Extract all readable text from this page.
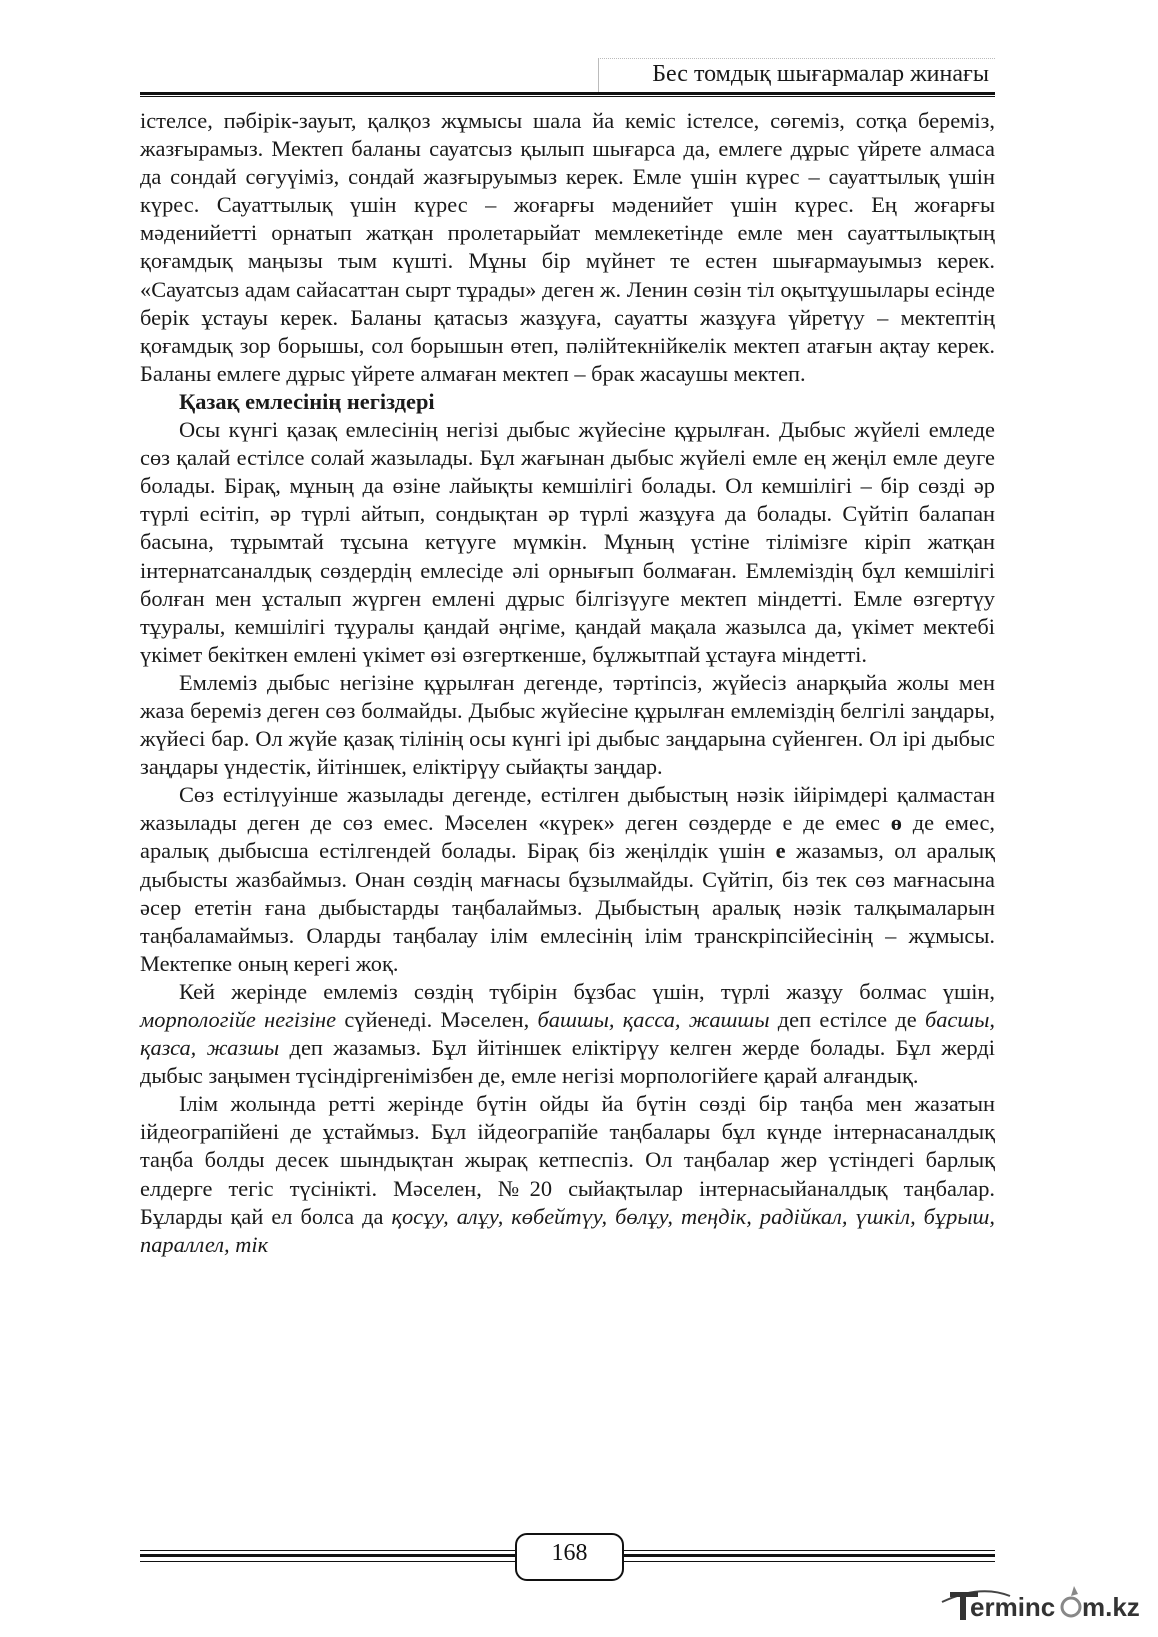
Бес томдық шығармалар жинағы

істелсе, пәбірік-зауыт, қалқоз жұмысы шала йа кеміс істелсе, сөгеміз, сотқа береміз, жазғырамыз. Мектеп баланы сауатсыз қылып шығарса да, емлеге дұрыс үйрете алмаса да сондай сөгуүіміз, сондай жазғыруымыз керек. Емле үшін күрес – сауаттылық үшін күрес. Сауаттылық үшін күрес – жоғарғы мәденийет үшін күрес. Ең жоғарғы мәденийетті орнатып жатқан пролетарыйат мемлекетінде емле мен сауаттылықтың қоғамдық маңызы тым күшті. Мұны бір мүйнет те естен шығармауымыз керек. «Сауатсыз адам сайасаттан сырт тұрады» деген ж. Ленин сөзін тіл оқытұушылары есінде берік ұстауы керек. Баланы қатасыз жазұуға, сауатты жазұуға үйретүу – мектептің қоғамдық зор борышы, сол борышын өтеп, пәлійтекнійкелік мектеп атағын ақтау керек. Баланы емлеге дұрыс үйрете алмаған мектеп – брак жасаушы мектеп.

Қазақ емлесінің негіздері

Осы күнгі қазақ емлесінің негізі дыбыс жүйесіне құрылған. Дыбыс жүйелі емледе сөз қалай естілсе солай жазылады. Бұл жағынан дыбыс жүйелі емле ең жеңіл емле деуге болады. Бірақ, мұның да өзіне лайықты кемшілігі болады. Ол кемшілігі – бір сөзді әр түрлі есітіп, әр түрлі айтып, сондықтан әр түрлі жазұуға да болады. Сүйтіп балапан басына, тұрымтай тұсына кетүуге мүмкін. Мұның үстіне тілімізге кіріп жатқан інтернатсаналдық сөздердің емлесіде әлі орнығып болмаған. Емлеміздің бұл кемшілігі болған мен ұсталып жүрген емлені дұрыс білгізүуге мектеп міндетті. Емле өзгертүу тұуралы, кемшілігі тұуралы қандай әңгіме, қандай мақала жазылса да, үкімет мектебі үкімет бекіткен емлені үкімет өзі өзгерткенше, бұлжытпай ұстауға міндетті.

Емлеміз дыбыс негізіне құрылған дегенде, тәртіпсіз, жүйесіз анарқыйа жолы мен жаза береміз деген сөз болмайды. Дыбыс жүйесіне құрылған емлеміздің белгілі заңдары, жүйесі бар. Ол жүйе қазақ тілінің осы күнгі ірі дыбыс заңдарына сүйенген. Ол ірі дыбыс заңдары үндестік, йітіншек, еліктірүу сыйақты заңдар.

Сөз естілүуінше жазылады дегенде, естілген дыбыстың нәзік ійірімдері қалмастан жазылады деген де сөз емес. Мәселен «күрек» деген сөздерде е де емес ө де емес, аралық дыбысша естілгендей болады. Бірақ біз жеңілдік үшін е жазамыз, ол аралық дыбысты жазбаймыз. Онан сөздің мағнасы бұзылмайды. Сүйтіп, біз тек сөз мағнасына әсер ететін ғана дыбыстарды таңбалаймыз. Дыбыстың аралық нәзік талқымаларын таңбаламаймыз. Оларды таңбалау ілім емлесінің ілім транскріпсійесінің – жұмысы. Мектепке оның керегі жоқ.

Кей жерінде емлеміз сөздің түбірін бұзбас үшін, түрлі жазұу болмас үшін, морпологійе негізіне сүйенеді. Мәселен, башшы, қасса, жашшы деп естілсе де басшы, қазса, жазшы деп жазамыз. Бұл йітіншек еліктірүу келген жерде болады. Бұл жерді дыбыс заңымен түсіндіргенімізбен де, емле негізі морпологійеге қарай алғандық.

Ілім жолында ретті жерінде бүтін ойды йа бүтін сөзді бір таңба мен жазатын ійдеограпійені де ұстаймыз. Бұл ійдеограпійе таңбалары бұл күнде інтернасаналдық таңба болды десек шындықтан жырақ кетпеспіз. Ол таңбалар жер үстіндегі барлық елдерге тегіс түсінікті. Мәселен, №20 сыйақтылар інтернасыйаналдық таңбалар. Бұларды қай ел болса да қосұу, алұу, көбейтүу, бөлұу, теңдік, радійкал, үшкіл, бұрыш, параллел, тік

168
erminc m.kz
